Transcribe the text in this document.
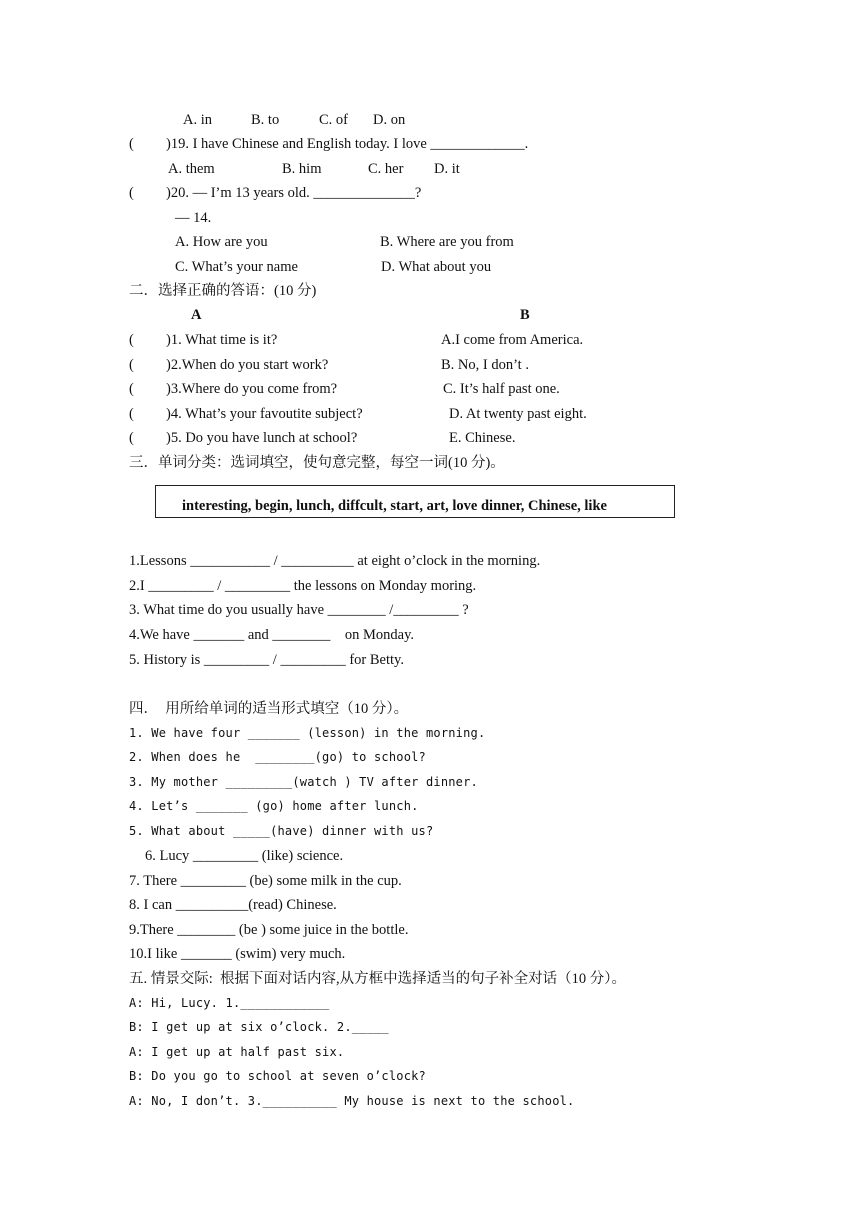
A. in	B. to	C. of D. on
( )19. I have Chinese and English today. I love _____________.
A. them	B. him	C. her D. it
( )20. — I’m 13 years old. ______________?
— 14.
A. How are you	B. Where are you from
C. What’s your name	D. What about you
二．选择正确的答语：(10 分)
A	B
( )1. What time is it?	A.I come from America.
( )2.When do you start work?	B. No, I don’t .
( )3.Where do you come from?	C. It’s half past one.
( )4. What’s your favoutite subject?	D. At twenty past eight.
( )5. Do you have lunch at school?	E. Chinese.
三．单词分类：选词填空，使句意完整，每空一词(10 分)。
interesting, begin, lunch, diffcult, start, art, love dinner, Chinese, like
1.Lessons ___________ / __________ at eight o’clock in the morning.
2.I _________ / _________ the lessons on Monday moring.
3. What time do you usually have ________ /_________ ?
4.We have _______ and ________    on Monday.
5. History is _________ / _________ for Betty.
四．  用所给单词的适当形式填空（10 分）。
1. We have four _______ (lesson) in the morning.
2. When does he  ________(go) to school?
3. My mother _________(watch ) TV after dinner.
4. Let’s _______ (go) home after lunch.
5. What about _____(have) dinner with us?
6. Lucy _________ (like) science.
7. There _________ (be) some milk in the cup.
8. I can __________(read) Chinese.
9.There ________ (be ) some juice in the bottle.
10.I like _______ (swim) very much.
五. 情景交际:  根据下面对话内容,从方框中选择适当的句子补全对话（10 分）。
A: Hi, Lucy. 1.____________
B: I get up at six o’clock. 2._____
A: I get up at half past six.
B: Do you go to school at seven o’clock?
A: No, I don’t. 3.__________ My house is next to the school.
